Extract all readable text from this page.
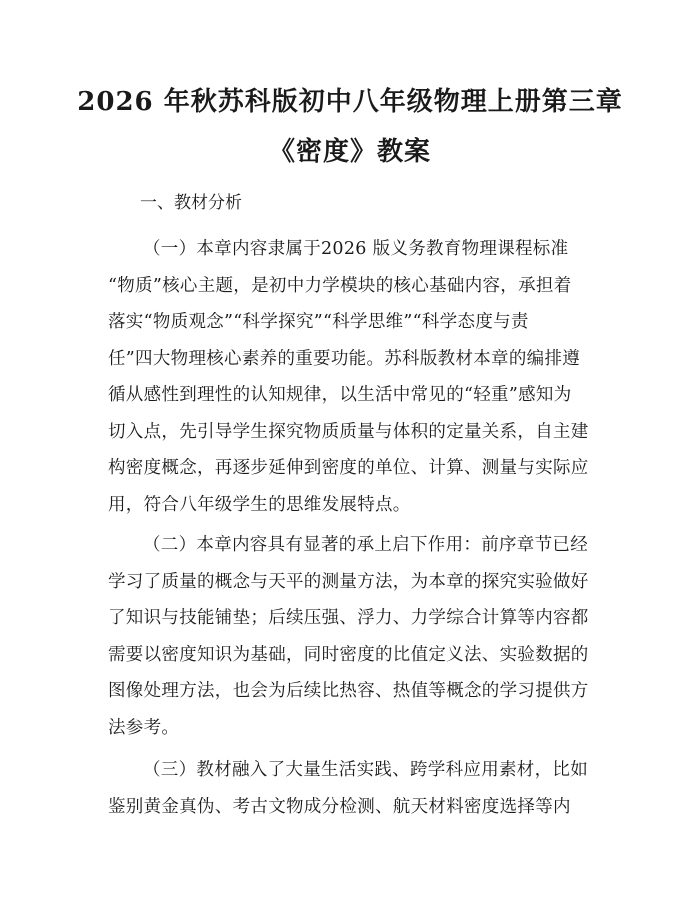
2026 年秋苏科版初中八年级物理上册第三章
《密度》教案
一、教材分析
（一）本章内容隶属于2026 版义务教育物理课程标准
“物质”核心主题，是初中力学模块的核心基础内容，承担着
落实“物质观念”“科学探究”“科学思维”“科学态度与责
任”四大物理核心素养的重要功能。苏科版教材本章的编排遵
循从感性到理性的认知规律，以生活中常见的“轻重”感知为
切入点，先引导学生探究物质质量与体积的定量关系，自主建
构密度概念，再逐步延伸到密度的单位、计算、测量与实际应
用，符合八年级学生的思维发展特点。
（二）本章内容具有显著的承上启下作用：前序章节已经
学习了质量的概念与天平的测量方法，为本章的探究实验做好
了知识与技能铺垫；后续压强、浮力、力学综合计算等内容都
需要以密度知识为基础，同时密度的比值定义法、实验数据的
图像处理方法，也会为后续比热容、热值等概念的学习提供方
法参考。
（三）教材融入了大量生活实践、跨学科应用素材，比如
鉴别黄金真伪、考古文物成分检测、航天材料密度选择等内
